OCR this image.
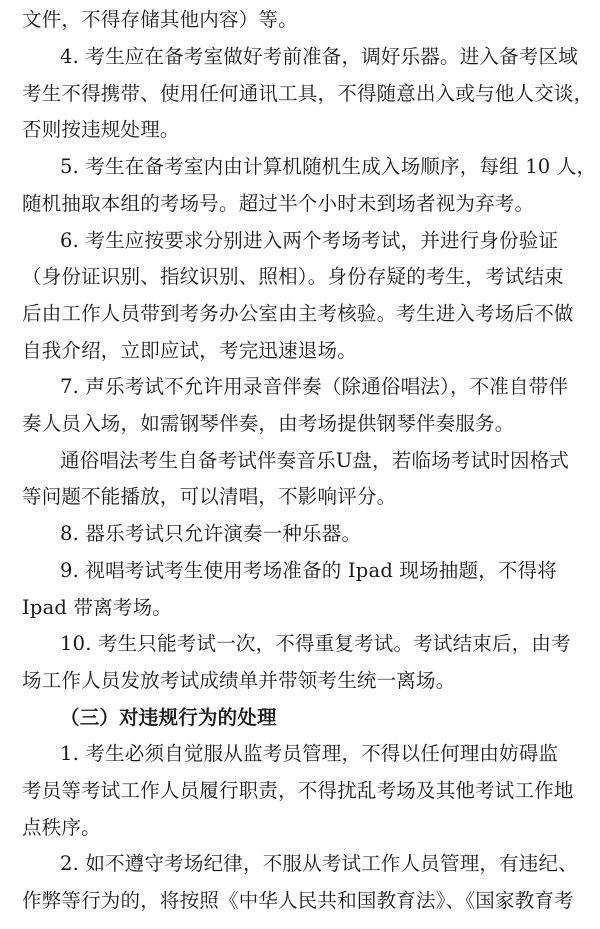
文件，不得存储其他内容）等。
4. 考生应在备考室做好考前准备，调好乐器。进入备考区域
考生不得携带、使用任何通讯工具，不得随意出入或与他人交谈，
否则按违规处理。
5. 考生在备考室内由计算机随机生成入场顺序，每组 10 人，
随机抽取本组的考场号。超过半个小时未到场者视为弃考。
6. 考生应按要求分别进入两个考场考试，并进行身份验证
（身份证识别、指纹识别、照相）。身份存疑的考生，考试结束
后由工作人员带到考务办公室由主考核验。考生进入考场后不做
自我介绍，立即应试，考完迅速退场。
7. 声乐考试不允许用录音伴奏（除通俗唱法），不准自带伴
奏人员入场，如需钢琴伴奏，由考场提供钢琴伴奏服务。
通俗唱法考生自备考试伴奏音乐U盘，若临场考试时因格式
等问题不能播放，可以清唱，不影响评分。
8. 器乐考试只允许演奏一种乐器。
9. 视唱考试考生使用考场准备的 Ipad 现场抽题，不得将
Ipad 带离考场。
10. 考生只能考试一次，不得重复考试。考试结束后，由考
场工作人员发放考试成绩单并带领考生统一离场。
（三）对违规行为的处理
1. 考生必须自觉服从监考员管理，不得以任何理由妨碍监
考员等考试工作人员履行职责，不得扰乱考场及其他考试工作地
点秩序。
2. 如不遵守考场纪律，不服从考试工作人员管理，有违纪、
作弊等行为的，将按照《中华人民共和国教育法》、《国家教育考
